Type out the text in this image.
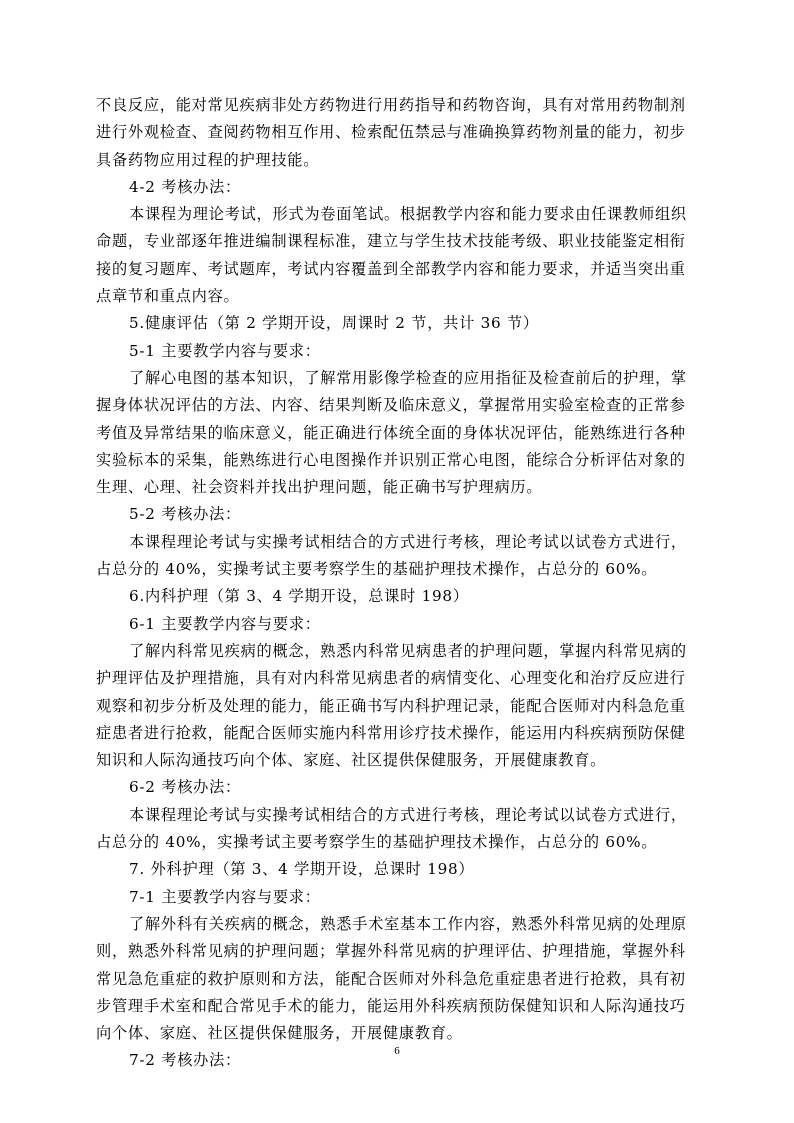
不良反应，能对常见疾病非处方药物进行用药指导和药物咨询，具有对常用药物制剂
进行外观检查、查阅药物相互作用、检索配伍禁忌与准确换算药物剂量的能力，初步
具备药物应用过程的护理技能。
4-2 考核办法：
本课程为理论考试，形式为卷面笔试。根据教学内容和能力要求由任课教师组织
命题，专业部逐年推进编制课程标准，建立与学生技术技能考级、职业技能鉴定相衔
接的复习题库、考试题库，考试内容覆盖到全部教学内容和能力要求，并适当突出重
点章节和重点内容。
5.健康评估（第 2 学期开设，周课时 2 节，共计 36 节）
5-1 主要教学内容与要求：
了解心电图的基本知识，了解常用影像学检查的应用指征及检查前后的护理，掌
握身体状况评估的方法、内容、结果判断及临床意义，掌握常用实验室检查的正常参
考值及异常结果的临床意义，能正确进行体统全面的身体状况评估，能熟练进行各种
实验标本的采集，能熟练进行心电图操作并识别正常心电图，能综合分析评估对象的
生理、心理、社会资料并找出护理问题，能正确书写护理病历。
5-2 考核办法：
本课程理论考试与实操考试相结合的方式进行考核，理论考试以试卷方式进行，
占总分的 40%，实操考试主要考察学生的基础护理技术操作，占总分的 60%。
6.内科护理（第 3、4 学期开设，总课时 198）
6-1 主要教学内容与要求：
了解内科常见疾病的概念，熟悉内科常见病患者的护理问题，掌握内科常见病的
护理评估及护理措施，具有对内科常见病患者的病情变化、心理变化和治疗反应进行
观察和初步分析及处理的能力，能正确书写内科护理记录，能配合医师对内科急危重
症患者进行抢救，能配合医师实施内科常用诊疗技术操作，能运用内科疾病预防保健
知识和人际沟通技巧向个体、家庭、社区提供保健服务，开展健康教育。
6-2 考核办法：
本课程理论考试与实操考试相结合的方式进行考核，理论考试以试卷方式进行，
占总分的 40%，实操考试主要考察学生的基础护理技术操作，占总分的 60%。
7. 外科护理（第 3、4 学期开设，总课时 198）
7-1 主要教学内容与要求：
了解外科有关疾病的概念，熟悉手术室基本工作内容，熟悉外科常见病的处理原
则，熟悉外科常见病的护理问题；掌握外科常见病的护理评估、护理措施，掌握外科
常见急危重症的救护原则和方法，能配合医师对外科急危重症患者进行抢救，具有初
步管理手术室和配合常见手术的能力，能运用外科疾病预防保健知识和人际沟通技巧
向个体、家庭、社区提供保健服务，开展健康教育。
7-2 考核办法：
6
